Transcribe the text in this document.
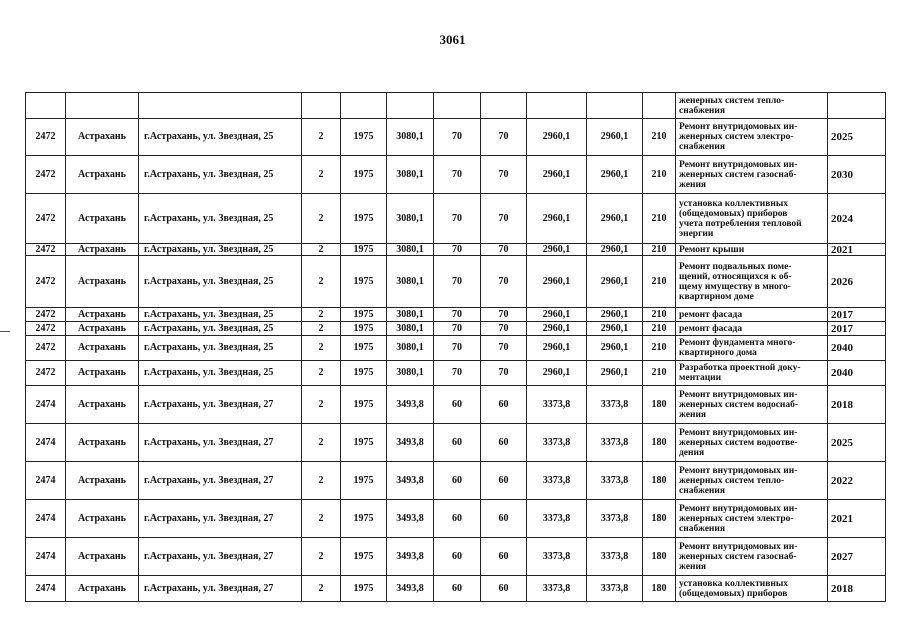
3061
											женерных систем тепло-
снабжения	
2472	Астрахань	г.Астрахань, ул. Звездная, 25	2	1975	3080,1	70	70	2960,1	2960,1	210	Ремонт внутридомовых ин-
женерных систем электро-
снабжения	2025
2472	Астрахань	г.Астрахань, ул. Звездная, 25	2	1975	3080,1	70	70	2960,1	2960,1	210	Ремонт внутридомовых ин-
женерных систем газоснаб-
жения	2030
2472	Астрахань	г.Астрахань, ул. Звездная, 25	2	1975	3080,1	70	70	2960,1	2960,1	210	установка коллективных
(общедомовых) приборов
учета потребления тепловой
энергии	2024
2472	Астрахань	г.Астрахань, ул. Звездная, 25	2	1975	3080,1	70	70	2960,1	2960,1	210	Ремонт крыши	2021
2472	Астрахань	г.Астрахань, ул. Звездная, 25	2	1975	3080,1	70	70	2960,1	2960,1	210	Ремонт подвальных поме-
щений, относящихся к об-
щему имуществу в много-
квартирном доме	2026
2472	Астрахань	г.Астрахань, ул. Звездная, 25	2	1975	3080,1	70	70	2960,1	2960,1	210	ремонт фасада	2017
2472	Астрахань	г.Астрахань, ул. Звездная, 25	2	1975	3080,1	70	70	2960,1	2960,1	210	ремонт фасада	2017
2472	Астрахань	г.Астрахань, ул. Звездная, 25	2	1975	3080,1	70	70	2960,1	2960,1	210	Ремонт фундамента много-
квартирного дома	2040
2472	Астрахань	г.Астрахань, ул. Звездная, 25	2	1975	3080,1	70	70	2960,1	2960,1	210	Разработка проектной доку-
ментации	2040
2474	Астрахань	г.Астрахань, ул. Звездная, 27	2	1975	3493,8	60	60	3373,8	3373,8	180	Ремонт внутридомовых ин-
женерных систем водоснаб-
жения	2018
2474	Астрахань	г.Астрахань, ул. Звездная, 27	2	1975	3493,8	60	60	3373,8	3373,8	180	Ремонт внутридомовых ин-
женерных систем водоотве-
дения	2025
2474	Астрахань	г.Астрахань, ул. Звездная, 27	2	1975	3493,8	60	60	3373,8	3373,8	180	Ремонт внутридомовых ин-
женерных систем тепло-
снабжения	2022
2474	Астрахань	г.Астрахань, ул. Звездная, 27	2	1975	3493,8	60	60	3373,8	3373,8	180	Ремонт внутридомовых ин-
женерных систем электро-
снабжения	2021
2474	Астрахань	г.Астрахань, ул. Звездная, 27	2	1975	3493,8	60	60	3373,8	3373,8	180	Ремонт внутридомовых ин-
женерных систем газоснаб-
жения	2027
2474	Астрахань	г.Астрахань, ул. Звездная, 27	2	1975	3493,8	60	60	3373,8	3373,8	180	установка коллективных
(общедомовых) приборов	2018
